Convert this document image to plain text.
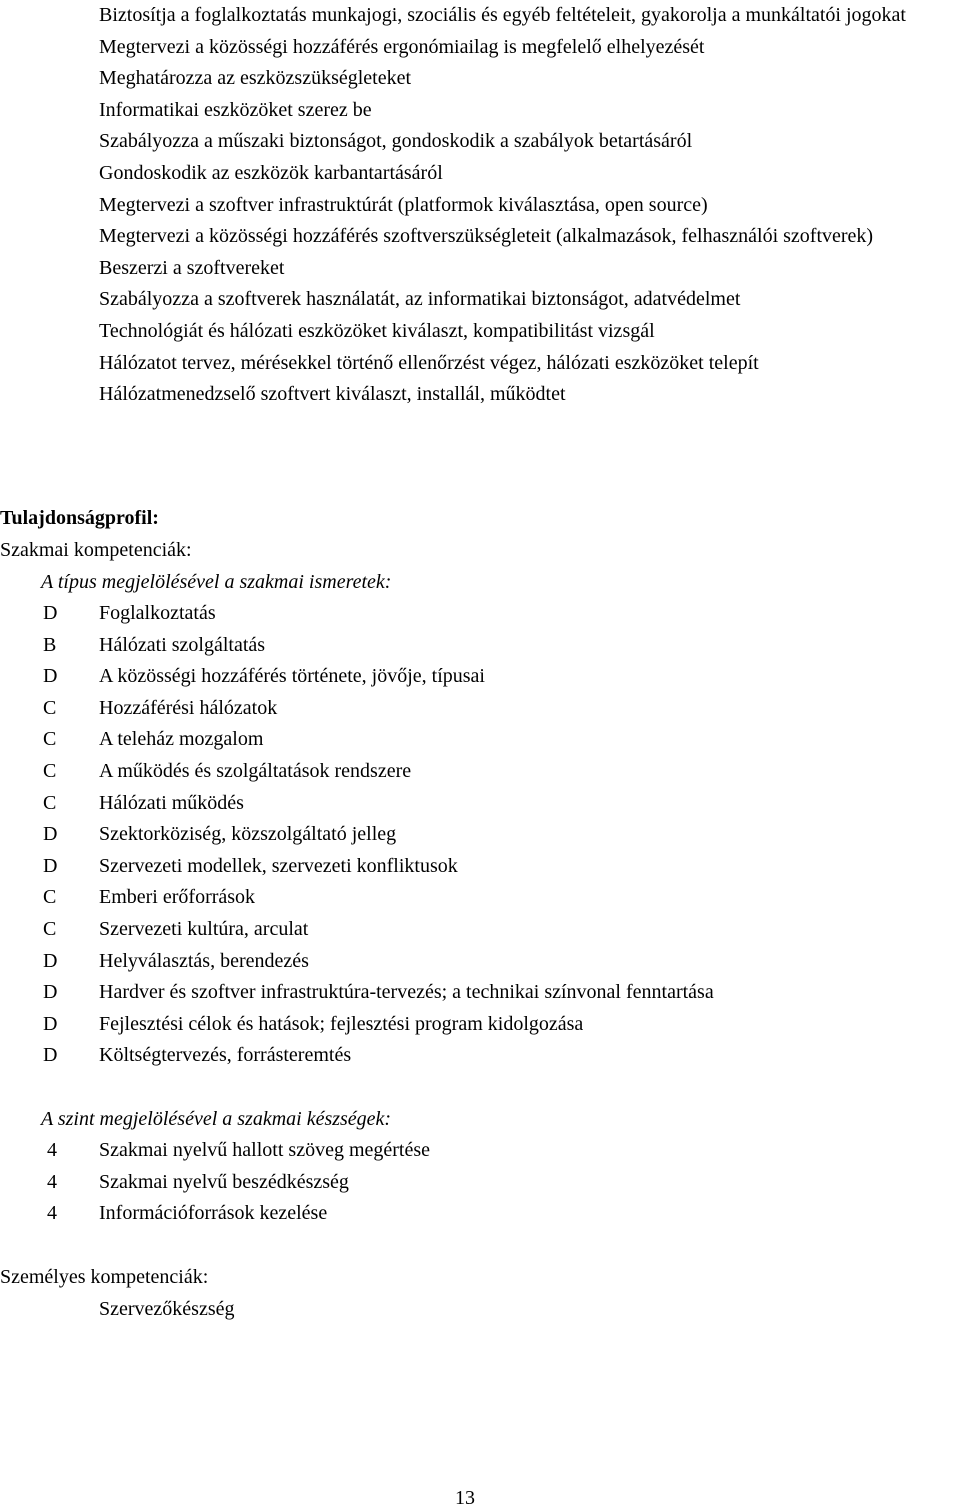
Biztosítja a foglalkoztatás munkajogi, szociális és egyéb feltételeit, gyakorolja a munkáltatói jogokat
Megtervezi a közösségi hozzáférés ergonómiailag is megfelelő elhelyezését
Meghatározza az eszközszükségleteket
Informatikai eszközöket szerez be
Szabályozza a műszaki biztonságot, gondoskodik a szabályok betartásáról
Gondoskodik az eszközök karbantartásáról
Megtervezi a szoftver infrastruktúrát (platformok kiválasztása, open source)
Megtervezi a közösségi hozzáférés szoftverszükségleteit (alkalmazások, felhasználói szoftverek)
Beszerzi a szoftvereket
Szabályozza a szoftverek használatát, az informatikai biztonságot, adatvédelmet
Technológiát és hálózati eszközöket kiválaszt, kompatibilitást vizsgál
Hálózatot tervez, mérésekkel történő ellenőrzést végez, hálózati eszközöket telepít
Hálózatmenedzselő szoftvert kiválaszt, installál, működtet
Tulajdonságprofil:
Szakmai kompetenciák:
A típus megjelölésével a szakmai ismeretek:
D	Foglalkoztatás
B	Hálózati szolgáltatás
D	A közösségi hozzáférés története, jövője, típusai
C	Hozzáférési hálózatok
C	A teleház mozgalom
C	A működés és szolgáltatások rendszere
C	Hálózati működés
D	Szektorköziség, közszolgáltató jelleg
D	Szervezeti modellek, szervezeti konfliktusok
C	Emberi erőforrások
C	Szervezeti kultúra, arculat
D	Helyválasztás, berendezés
D	Hardver és szoftver infrastruktúra-tervezés; a technikai színvonal fenntartása
D	Fejlesztési célok és hatások; fejlesztési program kidolgozása
D	Költségtervezés, forrásteremtés
A szint megjelölésével a szakmai készségek:
4	Szakmai nyelvű hallott szöveg megértése
4	Szakmai nyelvű beszédkészség
4	Információforrások kezelése
Személyes kompetenciák:
Szervezőkészség
13
